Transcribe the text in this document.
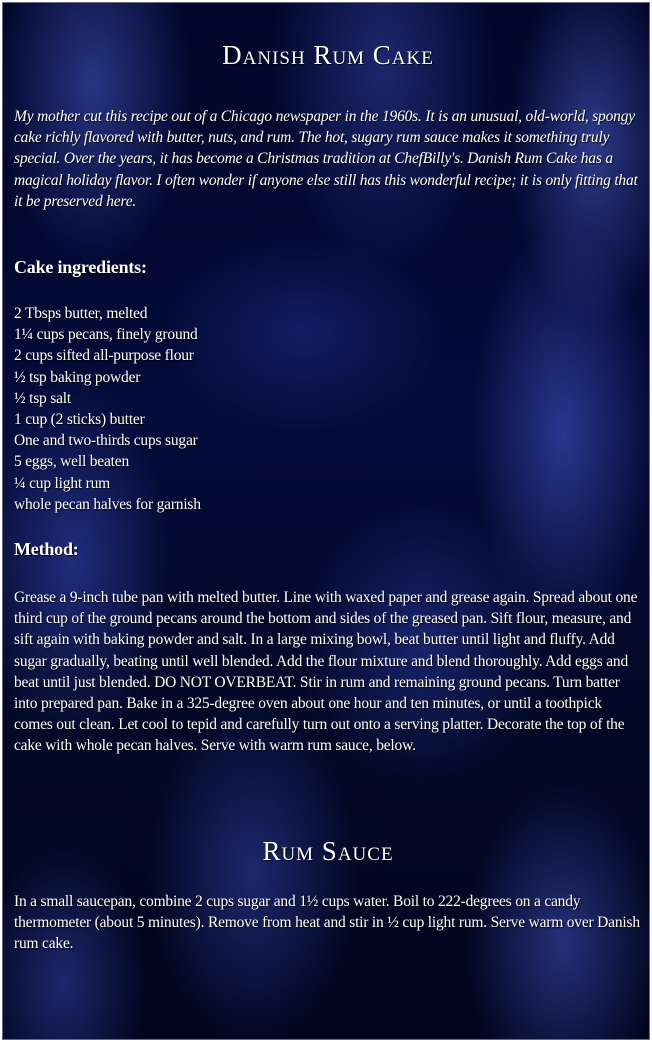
Danish Rum Cake

My mother cut this recipe out of a Chicago newspaper in the 1960s. It is an unusual, old-world, spongy cake richly flavored with butter, nuts, and rum. The hot, sugary rum sauce makes it something truly special. Over the years, it has become a Christmas tradition at ChefBilly's. Danish Rum Cake has a magical holiday flavor. I often wonder if anyone else still has this wonderful recipe; it is only fitting that it be preserved here.

Cake ingredients:
2 Tbsps butter, melted
1¼ cups pecans, finely ground
2 cups sifted all-purpose flour
½ tsp baking powder
½ tsp salt
1 cup (2 sticks) butter
One and two-thirds cups sugar
5 eggs, well beaten
¼ cup light rum
whole pecan halves for garnish
Method:

Grease a 9-inch tube pan with melted butter. Line with waxed paper and grease again. Spread about one third cup of the ground pecans around the bottom and sides of the greased pan. Sift flour, measure, and sift again with baking powder and salt. In a large mixing bowl, beat butter until light and fluffy. Add sugar gradually, beating until well blended. Add the flour mixture and blend thoroughly. Add eggs and beat until just blended. DO NOT OVERBEAT. Stir in rum and remaining ground pecans. Turn batter into prepared pan. Bake in a 325-degree oven about one hour and ten minutes, or until a toothpick comes out clean. Let cool to tepid and carefully turn out onto a serving platter. Decorate the top of the cake with whole pecan halves. Serve with warm rum sauce, below.

Rum Sauce

In a small saucepan, combine 2 cups sugar and 1½ cups water. Boil to 222-degrees on a candy thermometer (about 5 minutes). Remove from heat and stir in ½ cup light rum. Serve warm over Danish rum cake.
